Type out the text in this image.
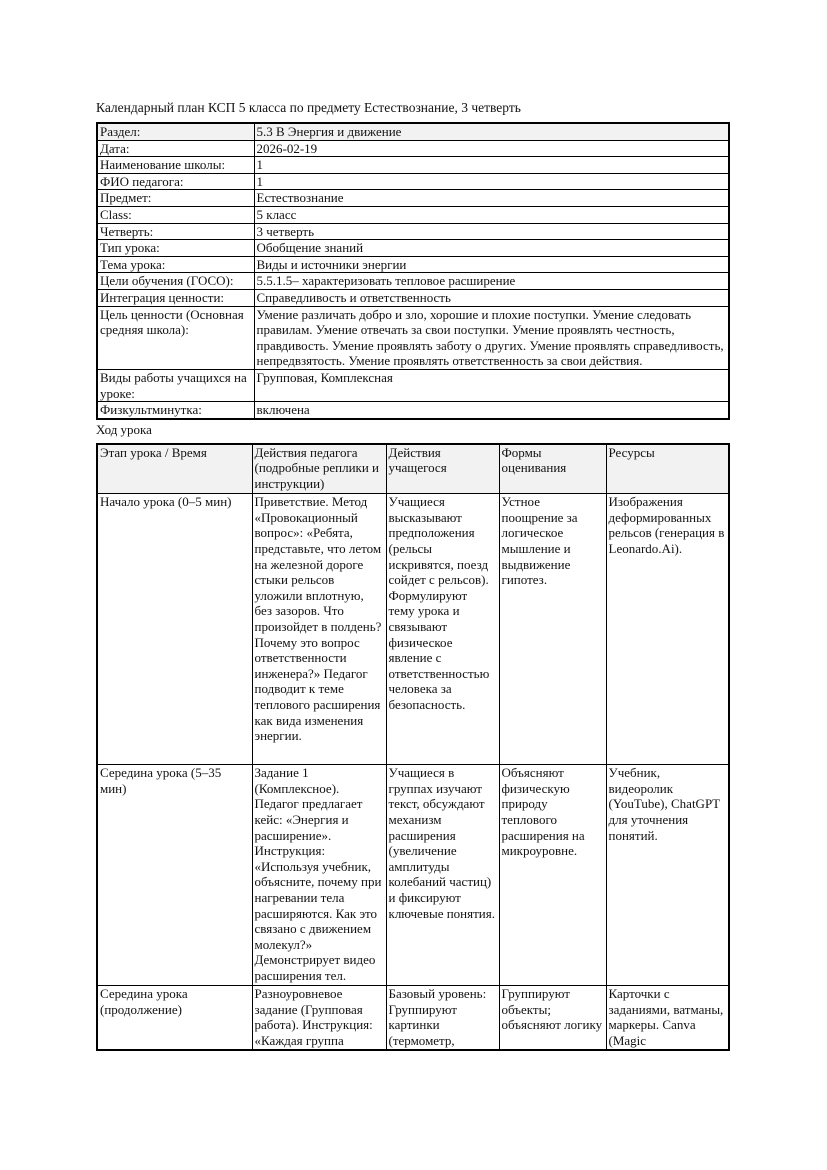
Календарный план КСП 5 класса по предмету Естествознание, 3 четверть
Раздел:	5.3 В Энергия и движение
Дата:	2026-02-19
Наименование школы:	1
ФИО педагога:	1
Предмет:	Естествознание
Class:	5 класс
Четверть:	3 четверть
Тип урока:	Обобщение знаний
Тема урока:	Виды и источники энергии
Цели обучения (ГОСО):	5.5.1.5– характеризовать тепловое расширение
Интеграция ценности:	Справедливость и ответственность
Цель ценности (Основная средняя школа):	Умение различать добро и зло, хорошие и плохие поступки. Умение следовать правилам. Умение отвечать за свои поступки. Умение проявлять честность, правдивость. Умение проявлять заботу о других. Умение проявлять справедливость, непредвзятость. Умение проявлять ответственность за свои действия.
Виды работы учащихся на уроке:	Групповая, Комплексная
Физкультминутка:	включена
Ход урока
Этап урока / Время	Действия педагога (подробные реплики и инструкции)	Действия учащегося	Формы оценивания	Ресурсы
Начало урока (0–5 мин)	Приветствие. Метод «Провокационный вопрос»: «Ребята, представьте, что летом на железной дороге стыки рельсов уложили вплотную, без зазоров. Что произойдет в полдень? Почему это вопрос ответственности инженера?» Педагог подводит к теме теплового расширения как вида изменения энергии.	Учащиеся высказывают предположения (рельсы искривятся, поезд сойдет с рельсов). Формулируют тему урока и связывают физическое явление с ответственностью человека за безопасность.	Устное поощрение за логическое мышление и выдвижение гипотез.	Изображения деформированных рельсов (генерация в Leonardo.Ai).
Середина урока (5–35 мин)	Задание 1 (Комплексное). Педагог предлагает кейс: «Энергия и расширение». Инструкция: «Используя учебник, объясните, почему при нагревании тела расширяются. Как это связано с движением молекул?» Демонстрирует видео расширения тел.	Учащиеся в группах изучают текст, обсуждают механизм расширения (увеличение амплитуды колебаний частиц) и фиксируют ключевые понятия.	Объясняют физическую природу теплового расширения на микроуровне.	Учебник, видеоролик (YouTube), ChatGPT для уточнения понятий.
Середина урока (продолжение)	Разноуровневое задание (Групповая работа). Инструкция: «Каждая группа	Базовый уровень: Группируют картинки (термометр,	Группируют объекты; объясняют логику	Карточки с заданиями, ватманы, маркеры. Canva (Magic
